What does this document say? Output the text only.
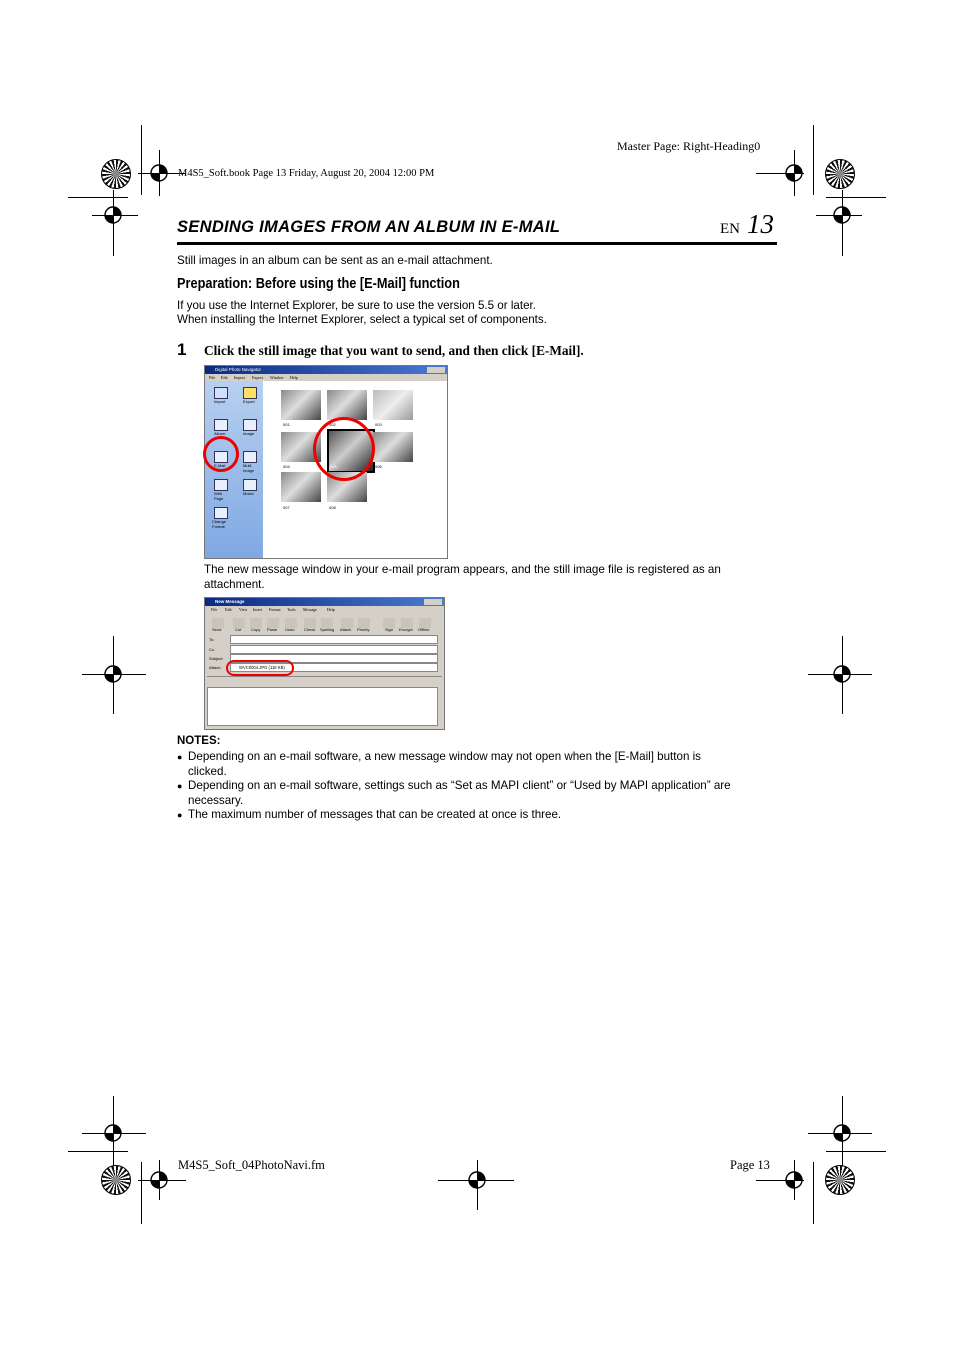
Master Page: Right-Heading0
M4S5_Soft.book Page 13 Friday, August 20, 2004 12:00 PM
SENDING IMAGES FROM AN ALBUM IN E-MAIL	EN 13
Still images in an album can be sent as an e-mail attachment.
Preparation: Before using the [E-Mail] function
If you use the Internet Explorer, be sure to use the version 5.5 or later.
When installing the Internet Explorer, select a typical set of components.
1 Click the still image that you want to send, and then click [E-Mail].
Digital Photo Navigator
File Edit Import Export Window Help
Import	Export
Album	Image
E-Mail	Multi Image
Web Page
Movie
Change Format
001	002	003
004	005	006
007	008
The new message window in your e-mail program appears, and the still image file is registered as an
attachment.
New Message
File Edit View Insert Format Tools Message	Help
Send	Cut Copy Paste Undo Check Spelling Attach Priority	Sign Encrypt Offline
To:
Cc:
Subject:
Attach:	WVC0004.JPG (118 KB)
NOTES:
● Depending on an e-mail software, a new message window may not open when the [E-Mail] button is
clicked.
● Depending on an e-mail software, settings such as “Set as MAPI client” or “Used by MAPI application” are
necessary.
● The maximum number of messages that can be created at once is three.
M4S5_Soft_04PhotoNavi.fm	Page 13
